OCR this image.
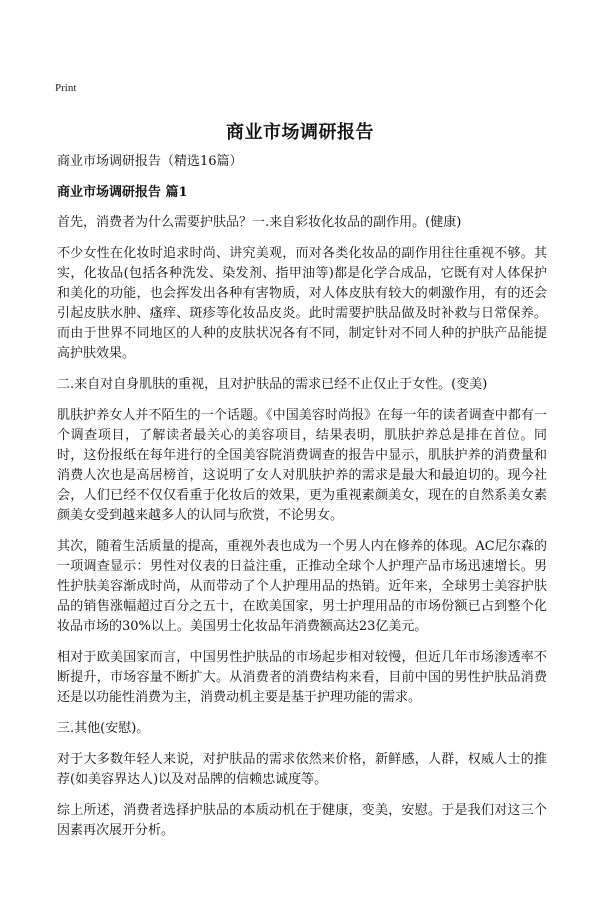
Print
商业市场调研报告

商业市场调研报告（精选16篇）

商业市场调研报告 篇1

首先，消费者为什么需要护肤品？一.来自彩妆化妆品的副作用。(健康)

不少女性在化妆时追求时尚、讲究美观，而对各类化妆品的副作用往往重视不够。其实，化妆品(包括各种洗发、染发剂、指甲油等)都是化学合成品，它既有对人体保护和美化的功能，也会挥发出各种有害物质，对人体皮肤有较大的刺激作用，有的还会引起皮肤水肿、瘙痒、斑疹等化妆品皮炎。此时需要护肤品做及时补救与日常保养。而由于世界不同地区的人种的皮肤状况各有不同，制定针对不同人种的护肤产品能提高护肤效果。

二.来自对自身肌肤的重视，且对护肤品的需求已经不止仅止于女性。(变美)

肌肤护养女人并不陌生的一个话题。《中国美容时尚报》在每一年的读者调查中都有一个调查项目，了解读者最关心的美容项目，结果表明，肌肤护养总是排在首位。同时，这份报纸在每年进行的全国美容院消费调查的报告中显示，肌肤护养的消费量和消费人次也是高居榜首，这说明了女人对肌肤护养的需求是最大和最迫切的。现今社会，人们已经不仅仅看重于化妆后的效果，更为重视素颜美女，现在的自然系美女素颜美女受到越来越多人的认同与欣赏，不论男女。

其次，随着生活质量的提高，重视外表也成为一个男人内在修养的体现。AC尼尔森的一项调查显示：男性对仪表的日益注重，正推动全球个人护理产品市场迅速增长。男性护肤美容渐成时尚，从而带动了个人护理用品的热销。近年来，全球男士美容护肤品的销售涨幅超过百分之五十，在欧美国家，男士护理用品的市场份额已占到整个化妆品市场的30%以上。美国男士化妆品年消费额高达23亿美元。

相对于欧美国家而言，中国男性护肤品的市场起步相对较慢，但近几年市场渗透率不断提升，市场容量不断扩大。从消费者的消费结构来看，目前中国的男性护肤品消费还是以功能性消费为主，消费动机主要是基于护理功能的需求。

三.其他(安慰)。

对于大多数年轻人来说，对护肤品的需求依然来价格，新鲜感，人群，权威人士的推荐(如美容界达人)以及对品牌的信赖忠诚度等。

综上所述，消费者选择护肤品的本质动机在于健康，变美，安慰。于是我们对这三个因素再次展开分析。
